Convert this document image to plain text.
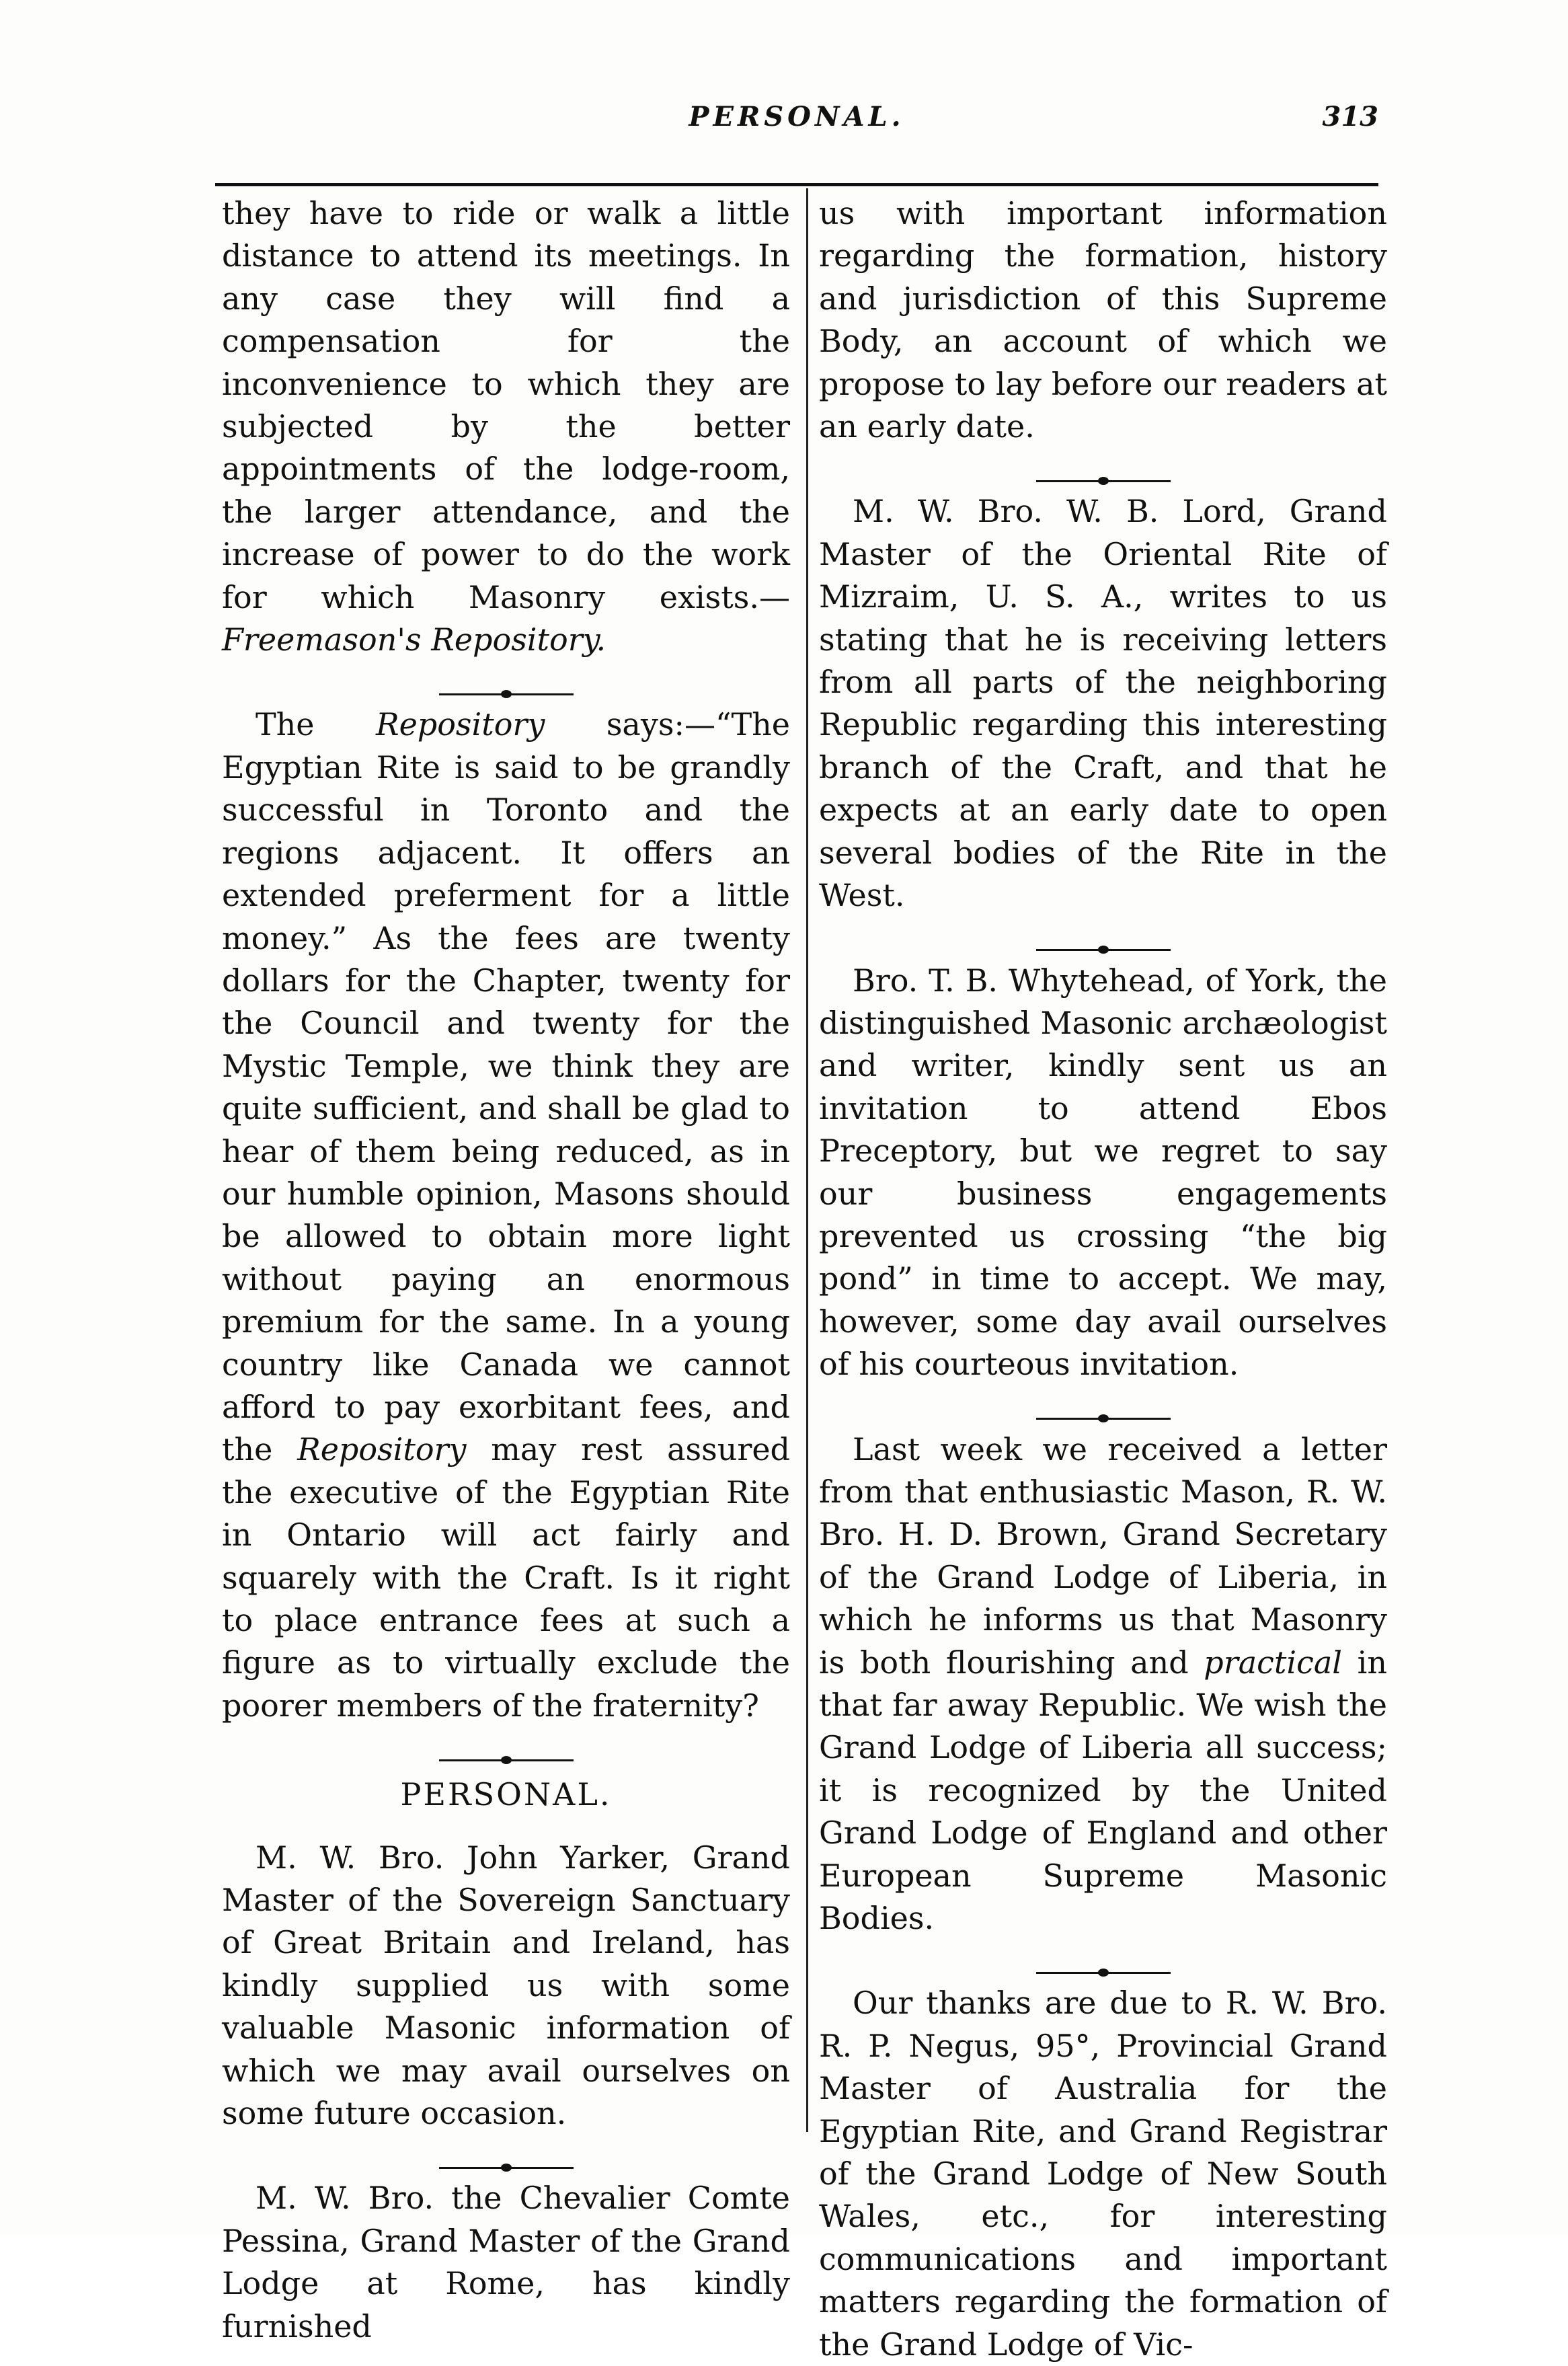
PERSONAL.	313

they have to ride or walk a little distance to attend its meetings. In any case they will find a compensation for the inconvenience to which they are subjected by the better appointments of the lodge-room, the larger attendance, and the increase of power to do the work for which Masonry exists.— Freemason's Repository.

The Repository says:—“The Egyptian Rite is said to be grandly successful in Toronto and the regions adjacent. It offers an extended preferment for a little money.” As the fees are twenty dollars for the Chapter, twenty for the Council and twenty for the Mystic Temple, we think they are quite sufficient, and shall be glad to hear of them being reduced, as in our humble opinion, Masons should be allowed to obtain more light without paying an enormous premium for the same. In a young country like Canada we cannot afford to pay exorbitant fees, and the Repository may rest assured the executive of the Egyptian Rite in Ontario will act fairly and squarely with the Craft. Is it right to place entrance fees at such a figure as to virtually exclude the poorer members of the fraternity?

PERSONAL.

M. W. Bro. John Yarker, Grand Master of the Sovereign Sanctuary of Great Britain and Ireland, has kindly supplied us with some valuable Masonic information of which we may avail ourselves on some future occasion.

M. W. Bro. the Chevalier Comte Pessina, Grand Master of the Grand Lodge at Rome, has kindly furnished

us with important information regarding the formation, history and jurisdiction of this Supreme Body, an account of which we propose to lay before our readers at an early date.

M. W. Bro. W. B. Lord, Grand Master of the Oriental Rite of Mizraim, U. S. A., writes to us stating that he is receiving letters from all parts of the neighboring Republic regarding this interesting branch of the Craft, and that he expects at an early date to open several bodies of the Rite in the West.

Bro. T. B. Whytehead, of York, the distinguished Masonic archæologist and writer, kindly sent us an invitation to attend Ebos Preceptory, but we regret to say our business engagements prevented us crossing “the big pond” in time to accept. We may, however, some day avail ourselves of his courteous invitation.

Last week we received a letter from that enthusiastic Mason, R. W. Bro. H. D. Brown, Grand Secretary of the Grand Lodge of Liberia, in which he informs us that Masonry is both flourishing and practical in that far away Republic. We wish the Grand Lodge of Liberia all success; it is recognized by the United Grand Lodge of England and other European Supreme Masonic Bodies.

Our thanks are due to R. W. Bro. R. P. Negus, 95°, Provincial Grand Master of Australia for the Egyptian Rite, and Grand Registrar of the Grand Lodge of New South Wales, etc., for interesting communications and important matters regarding the formation of the Grand Lodge of Vic-
